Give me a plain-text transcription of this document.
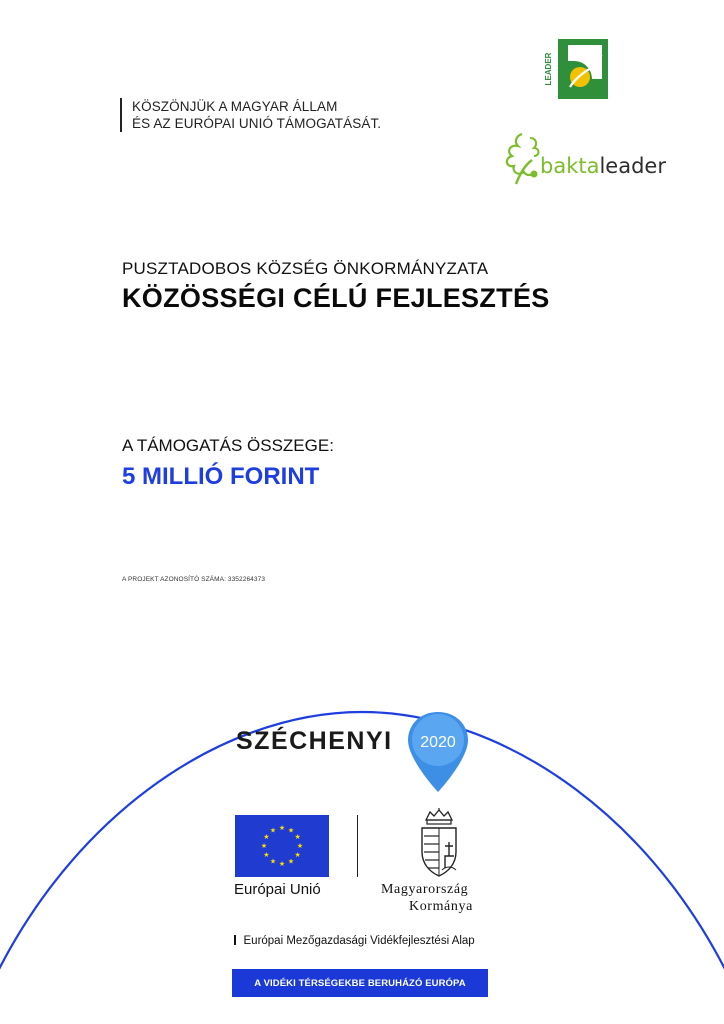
KÖSZÖNJÜK A MAGYAR ÁLLAM
ÉS AZ EURÓPAI UNIÓ TÁMOGATÁSÁT.
LEADER
baktaleader
PUSZTADOBOS KÖZSÉG ÖNKORMÁNYZATA
KÖZÖSSÉGI CÉLÚ FEJLESZTÉS
A TÁMOGATÁS ÖSSZEGE:
5 MILLIÓ FORINT
A PROJEKT AZONOSÍTÓ SZÁMA: 3352264373
SZÉCHENYI 2020
★ ★
★
★
★
★
★
★
★
★
★
★
Európai Unió	Magyarország
Kormánya
Európai Mezőgazdasági Vidékfejlesztési Alap
A VIDÉKI TÉRSÉGEKBE BERUHÁZÓ EURÓPA
